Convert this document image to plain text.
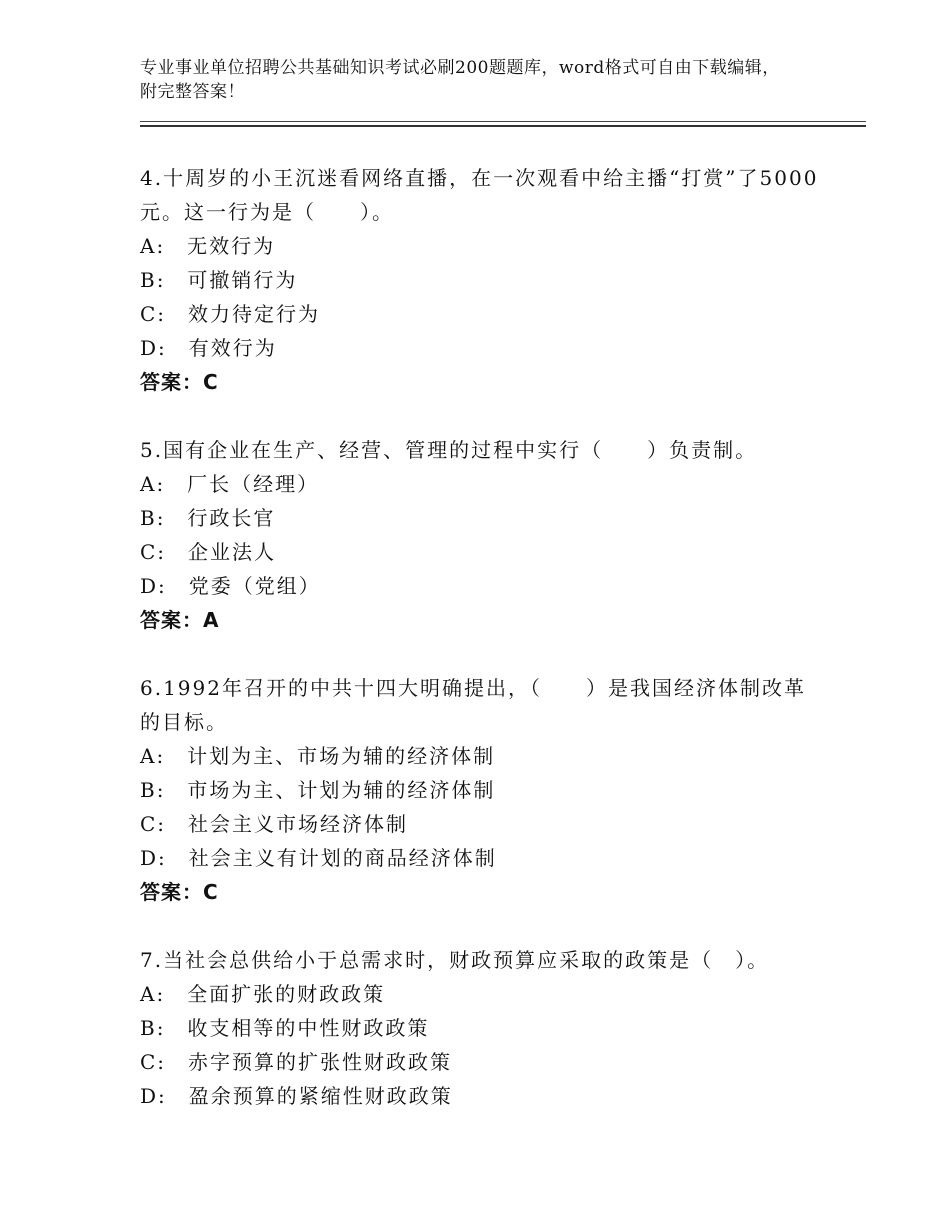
专业事业单位招聘公共基础知识考试必刷200题题库，word格式可自由下载编辑，附完整答案！
4.十周岁的小王沉迷看网络直播，在一次观看中给主播“打赏”了5000元。这一行为是（　　）。
A:　无效行为
B:　可撤销行为
C:　效力待定行为
D:　有效行为
答案：C
5.国有企业在生产、经营、管理的过程中实行（　　）负责制。
A:　厂长（经理）
B:　行政长官
C:　企业法人
D:　党委（党组）
答案：A
6.1992年召开的中共十四大明确提出，（　　）是我国经济体制改革的目标。
A:　计划为主、市场为辅的经济体制
B:　市场为主、计划为辅的经济体制
C:　社会主义市场经济体制
D:　社会主义有计划的商品经济体制
答案：C
7.当社会总供给小于总需求时，财政预算应采取的政策是（　）。
A:　全面扩张的财政政策
B:　收支相等的中性财政政策
C:　赤字预算的扩张性财政政策
D:　盈余预算的紧缩性财政政策
